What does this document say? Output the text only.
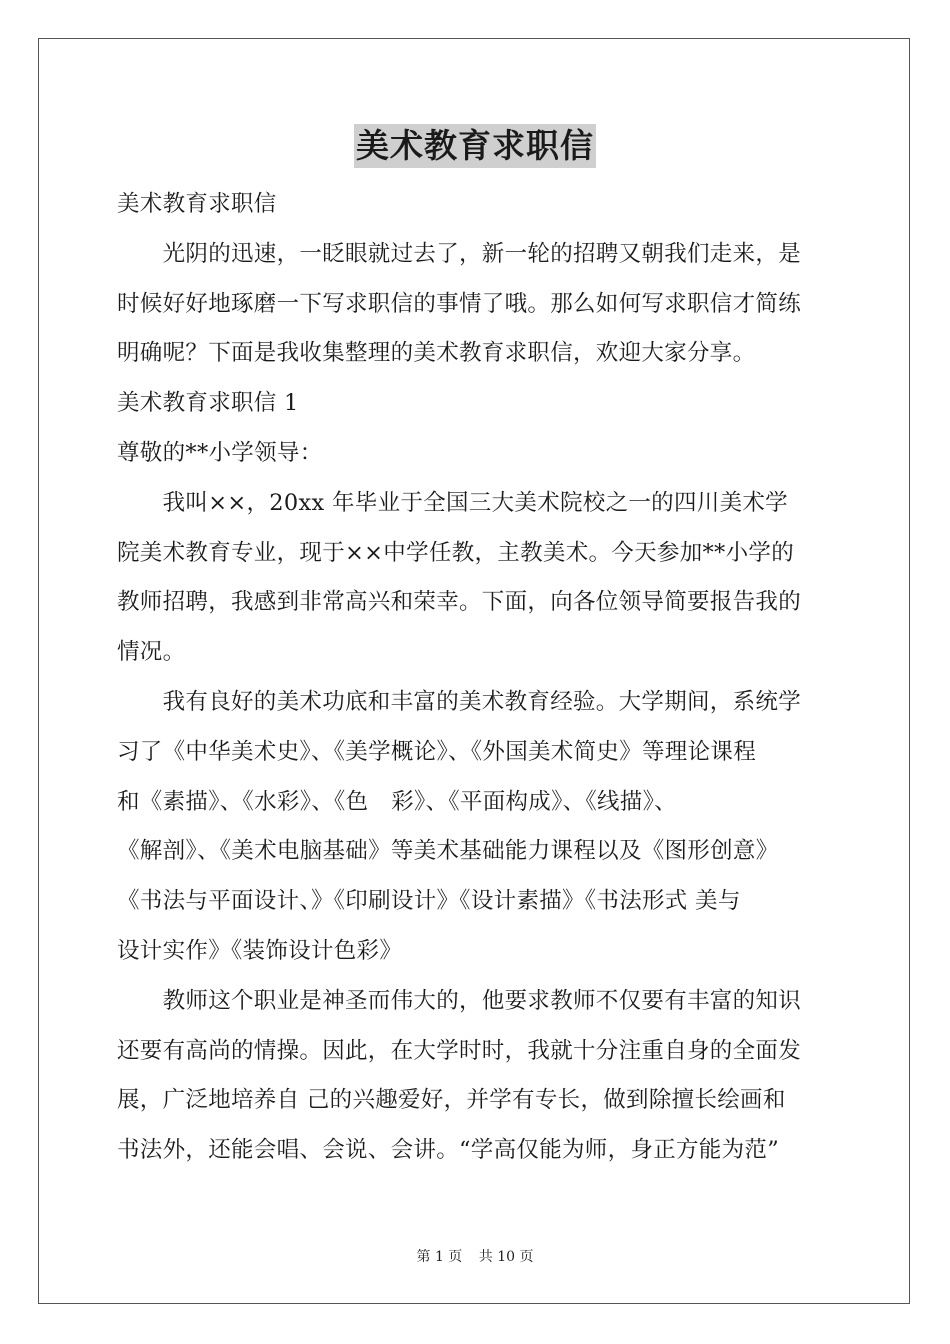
美术教育求职信
美术教育求职信
　　光阴的迅速，一眨眼就过去了，新一轮的招聘又朝我们走来，是
时候好好地琢磨一下写求职信的事情了哦。那么如何写求职信才简练
明确呢？下面是我收集整理的美术教育求职信，欢迎大家分享。
美术教育求职信 1
尊敬的**小学领导：
　　我叫××，20xx 年毕业于全国三大美术院校之一的四川美术学
院美术教育专业，现于××中学任教，主教美术。今天参加**小学的
教师招聘，我感到非常高兴和荣幸。下面，向各位领导简要报告我的
情况。
　　我有良好的美术功底和丰富的美术教育经验。大学期间，系统学
习了《中华美术史》、《美学概论》、《外国美术简史》等理论课程
和《素描》、《水彩》、《色　彩》、《平面构成》、《线描》、
《解剖》、《美术电脑基础》等美术基础能力课程以及《图形创意》
《书法与平面设计、》《印刷设计》《设计素描》《书法形式 美与
设计实作》《装饰设计色彩》
　　教师这个职业是神圣而伟大的，他要求教师不仅要有丰富的知识
还要有高尚的情操。因此，在大学时时，我就十分注重自身的全面发
展，广泛地培养自 己的兴趣爱好，并学有专长，做到除擅长绘画和
书法外，还能会唱、会说、会讲。“学高仅能为师，身正方能为范”
第 1 页 共 10 页
